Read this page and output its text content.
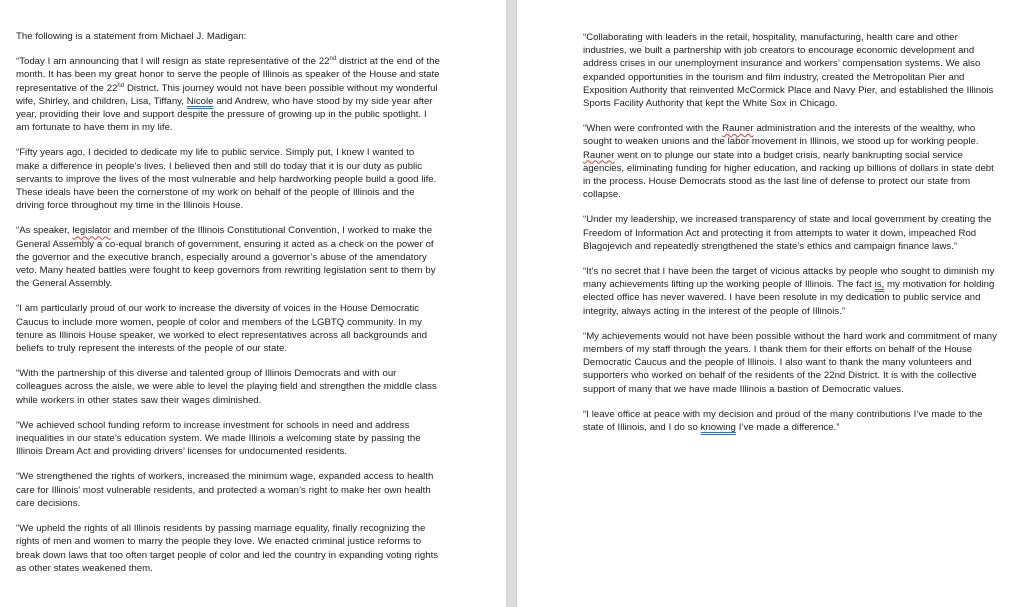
The following is a statement from Michael J. Madigan:

“Today I am announcing that I will resign as state representative of the 22nd district at the end of the month. It has been my great honor to serve the people of Illinois as speaker of the House and state representative of the 22nd District. This journey would not have been possible without my wonderful wife, Shirley, and children, Lisa, Tiffany, Nicole and Andrew, who have stood by my side year after year, providing their love and support despite the pressure of growing up in the public spotlight. I am fortunate to have them in my life.

“Fifty years ago, I decided to dedicate my life to public service. Simply put, I knew I wanted to make a difference in people’s lives. I believed then and still do today that it is our duty as public servants to improve the lives of the most vulnerable and help hardworking people build a good life. These ideals have been the cornerstone of my work on behalf of the people of Illinois and the driving force throughout my time in the Illinois House.

“As speaker, legislator and member of the Illinois Constitutional Convention, I worked to make the General Assembly a co-equal branch of government, ensuring it acted as a check on the power of the governor and the executive branch, especially around a governor’s abuse of the amendatory veto. Many heated battles were fought to keep governors from rewriting legislation sent to them by the General Assembly.

“I am particularly proud of our work to increase the diversity of voices in the House Democratic Caucus to include more women, people of color and members of the LGBTQ community. In my tenure as Illinois House speaker, we worked to elect representatives across all backgrounds and beliefs to truly represent the interests of the people of our state.

“With the partnership of this diverse and talented group of Illinois Democrats and with our colleagues across the aisle, we were able to level the playing field and strengthen the middle class while workers in other states saw their wages diminished.

“We achieved school funding reform to increase investment for schools in need and address inequalities in our state’s education system. We made Illinois a welcoming state by passing the Illinois Dream Act and providing drivers’ licenses for undocumented residents.

“We strengthened the rights of workers, increased the minimum wage, expanded access to health care for Illinois’ most vulnerable residents, and protected a woman’s right to make her own health care decisions.

“We upheld the rights of all Illinois residents by passing marriage equality, finally recognizing the rights of men and women to marry the people they love. We enacted criminal justice reforms to break down laws that too often target people of color and led the country in expanding voting rights as other states weakened them.

“Collaborating with leaders in the retail, hospitality, manufacturing, health care and other industries, we built a partnership with job creators to encourage economic development and address crises in our unemployment insurance and workers’ compensation systems. We also expanded opportunities in the tourism and film industry, created the Metropolitan Pier and Exposition Authority that reinvented McCormick Place and Navy Pier, and established the Illinois Sports Facility Authority that kept the White Sox in Chicago.

“When were confronted with the Rauner administration and the interests of the wealthy, who sought to weaken unions and the labor movement in Illinois, we stood up for working people. Rauner went on to plunge our state into a budget crisis, nearly bankrupting social service agencies, eliminating funding for higher education, and racking up billions of dollars in state debt in the process. House Democrats stood as the last line of defense to protect our state from collapse.

“Under my leadership, we increased transparency of state and local government by creating the Freedom of Information Act and protecting it from attempts to water it down, impeached Rod Blagojevich and repeatedly strengthened the state’s ethics and campaign finance laws.”

“It’s no secret that I have been the target of vicious attacks by people who sought to diminish my many achievements lifting up the working people of Illinois. The fact is, my motivation for holding elected office has never wavered. I have been resolute in my dedication to public service and integrity, always acting in the interest of the people of Illinois.”

“My achievements would not have been possible without the hard work and commitment of many members of my staff through the years. I thank them for their efforts on behalf of the House Democratic Caucus and the people of Illinois. I also want to thank the many volunteers and supporters who worked on behalf of the residents of the 22nd District. It is with the collective support of many that we have made Illinois a bastion of Democratic values.

“I leave office at peace with my decision and proud of the many contributions I’ve made to the state of Illinois, and I do so knowing I’ve made a difference.”
